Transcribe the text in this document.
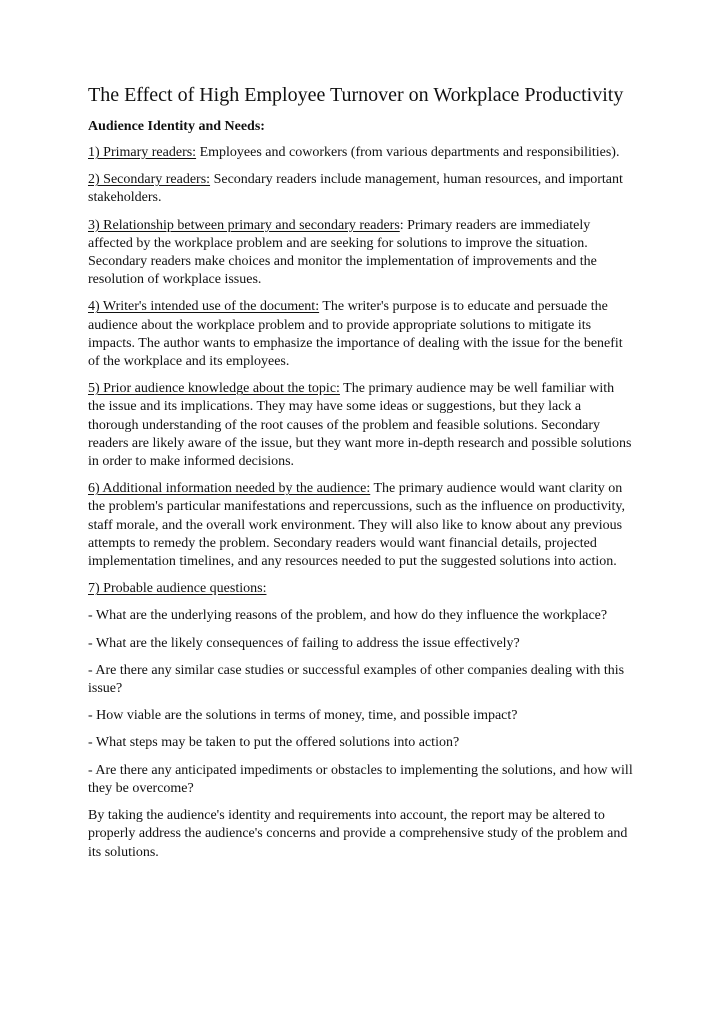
The Effect of High Employee Turnover on Workplace Productivity

Audience Identity and Needs:

1) Primary readers: Employees and coworkers (from various departments and responsibilities).

2) Secondary readers: Secondary readers include management, human resources, and important stakeholders.

3) Relationship between primary and secondary readers: Primary readers are immediately affected by the workplace problem and are seeking for solutions to improve the situation. Secondary readers make choices and monitor the implementation of improvements and the resolution of workplace issues.

4) Writer's intended use of the document: The writer's purpose is to educate and persuade the audience about the workplace problem and to provide appropriate solutions to mitigate its impacts. The author wants to emphasize the importance of dealing with the issue for the benefit of the workplace and its employees.

5) Prior audience knowledge about the topic: The primary audience may be well familiar with the issue and its implications. They may have some ideas or suggestions, but they lack a thorough understanding of the root causes of the problem and feasible solutions. Secondary readers are likely aware of the issue, but they want more in-depth research and possible solutions in order to make informed decisions.

6) Additional information needed by the audience: The primary audience would want clarity on the problem's particular manifestations and repercussions, such as the influence on productivity, staff morale, and the overall work environment. They will also like to know about any previous attempts to remedy the problem. Secondary readers would want financial details, projected implementation timelines, and any resources needed to put the suggested solutions into action.

7) Probable audience questions:

- What are the underlying reasons of the problem, and how do they influence the workplace?

- What are the likely consequences of failing to address the issue effectively?

- Are there any similar case studies or successful examples of other companies dealing with this issue?

- How viable are the solutions in terms of money, time, and possible impact?

- What steps may be taken to put the offered solutions into action?

- Are there any anticipated impediments or obstacles to implementing the solutions, and how will they be overcome?

By taking the audience's identity and requirements into account, the report may be altered to properly address the audience's concerns and provide a comprehensive study of the problem and its solutions.
